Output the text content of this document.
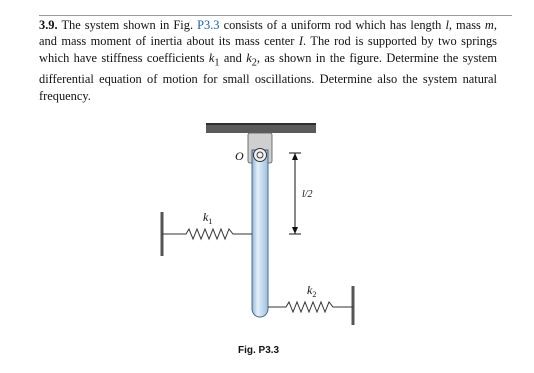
3.9. The system shown in Fig. P3.3 consists of a uniform rod which has length l, mass m, and mass moment of inertia about its mass center I. The rod is supported by two springs which have stiffness coefficients $k_1$ and $k_2$, as shown in the figure. Determine the system differential equation of motion for small oscillations. Determine also the system natural frequency.
O
l/2
$k_1$
$k_2$
Fig. P3.3
